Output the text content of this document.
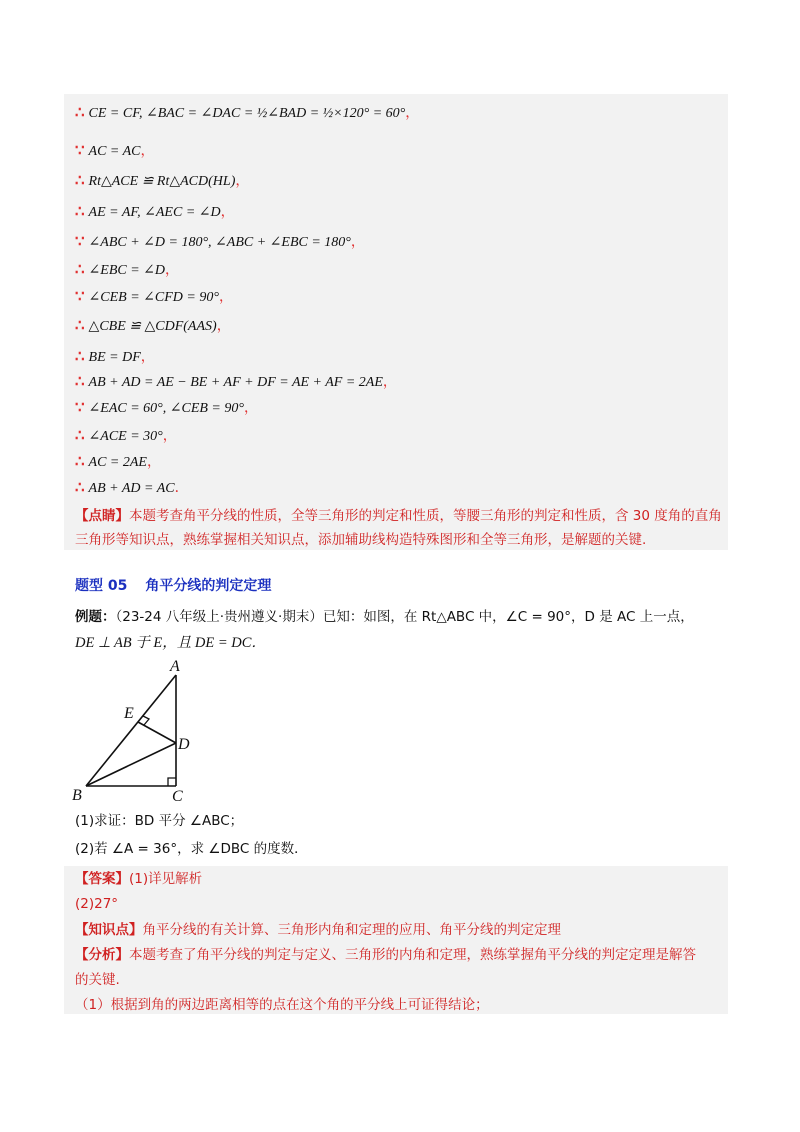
∴ CE = CF, ∠BAC = ∠DAC = ½∠BAD = ½×120° = 60°，
∵ AC = AC，
∴ Rt△ACE ≌ Rt△ACD(HL)，
∴ AE = AF, ∠AEC = ∠D，
∵ ∠ABC + ∠D = 180°, ∠ABC + ∠EBC = 180°，
∴ ∠EBC = ∠D，
∵ ∠CEB = ∠CFD = 90°，
∴ △CBE ≌ △CDF(AAS)，
∴ BE = DF，
∴ AB + AD = AE − BE + AF + DF = AE + AF = 2AE，
∵ ∠EAC = 60°, ∠CEB = 90°，
∴ ∠ACE = 30°，
∴ AC = 2AE，
∴ AB + AD = AC．
【点睛】本题考查角平分线的性质，全等三角形的判定和性质，等腰三角形的判定和性质，含 30 度角的直角三角形等知识点，熟练掌握相关知识点，添加辅助线构造特殊图形和全等三角形，是解题的关键.
题型 05 角平分线的判定定理
例题：（23-24 八年级上·贵州遵义·期末）已知：如图，在 Rt△ABC 中，∠C = 90°，D 是 AC 上一点，
DE ⊥ AB 于 E，且 DE = DC．
A
B	C
D
E
(1)求证：BD 平分 ∠ABC；
(2)若 ∠A = 36°，求 ∠DBC 的度数．
【答案】(1)详见解析
(2)27°
【知识点】角平分线的有关计算、三角形内角和定理的应用、角平分线的判定定理
【分析】本题考查了角平分线的判定与定义、三角形的内角和定理，熟练掌握角平分线的判定定理是解答
的关键.
（1）根据到角的两边距离相等的点在这个角的平分线上可证得结论；
